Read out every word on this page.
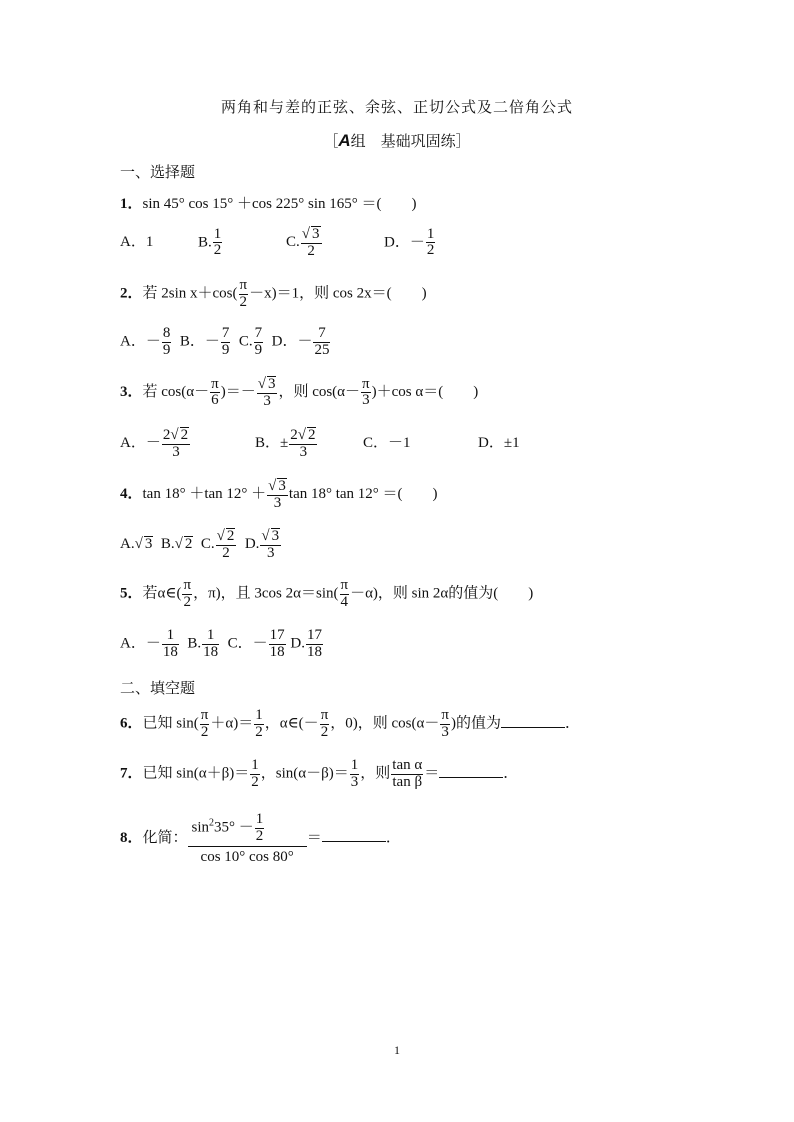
两角和与差的正弦、余弦、正切公式及二倍角公式
［A组　基础巩固练］
一、选择题
1．sin 45° cos 15° ＋cos 225° sin 165° ＝(　　)
A．1	B. $\frac{1}{2}$	C. $\frac{√ 3}{2}$	D．－ $\frac{1}{2}$
2．若 2sin $x+\cos( \frac{\pi}{2} -x)=1$，则 cos 2x＝(　　)
A．－ $\frac{8}{9}$ B．－ $\frac{7}{9} C$. $\frac{7}{9}$ D．－ $\frac{7}{25}$
3．若 $\cos(\alpha- \frac{\pi}{6}$ )＝－ $\frac{√ 3}{3}$ ，则 $\cos(\alpha- \frac{\pi}{3} )+\cos$ α＝(　　)
A．－ $\frac{2√ 2}{3}$	B．± $\frac{2√ 2}{3}$	C．－1	D．±1
4．tan 18° ＋tan $12^\circ + \frac{√ 3}{3}$ tan 18° tan 12° ＝(　　)
A.√ 3 B.√ 2 C. $\frac{√ 2}{2} D$. $\frac{√ 3}{3}$
5．若α∈( $\frac{\pi}{2}$ ，π)，且 3cos $2\alpha=\sin( \frac{\pi}{4} -\alpha)$，则 sin 2α的值为(　　)
A．－ $\frac{1}{18} B$. $\frac{1}{18}$ C．－ $\frac{17}{18} D$. $\frac{17}{18}$
二、填空题
6．已知 $\sin( \frac{\pi}{2} +\alpha)= \frac{1}{2}$ ，α∈(－ $\frac{\pi}{2}$ ，0)，则 $\cos(\alpha- \frac{\pi}{3}$ )的值为	．
7．已知 $\sin(\alpha+\beta)= \frac{1}{2}$ ，$\sin(\alpha-\beta)= \frac{1}{3}$ ，则 $\frac{\text{tan α}}{\text{tan β}}$ ＝	．
8．化简： $\frac{\sin^235^\circ - \frac{1}{2}}{\cos 10^\circ \cos 80^\circ}$ ＝	．
1
